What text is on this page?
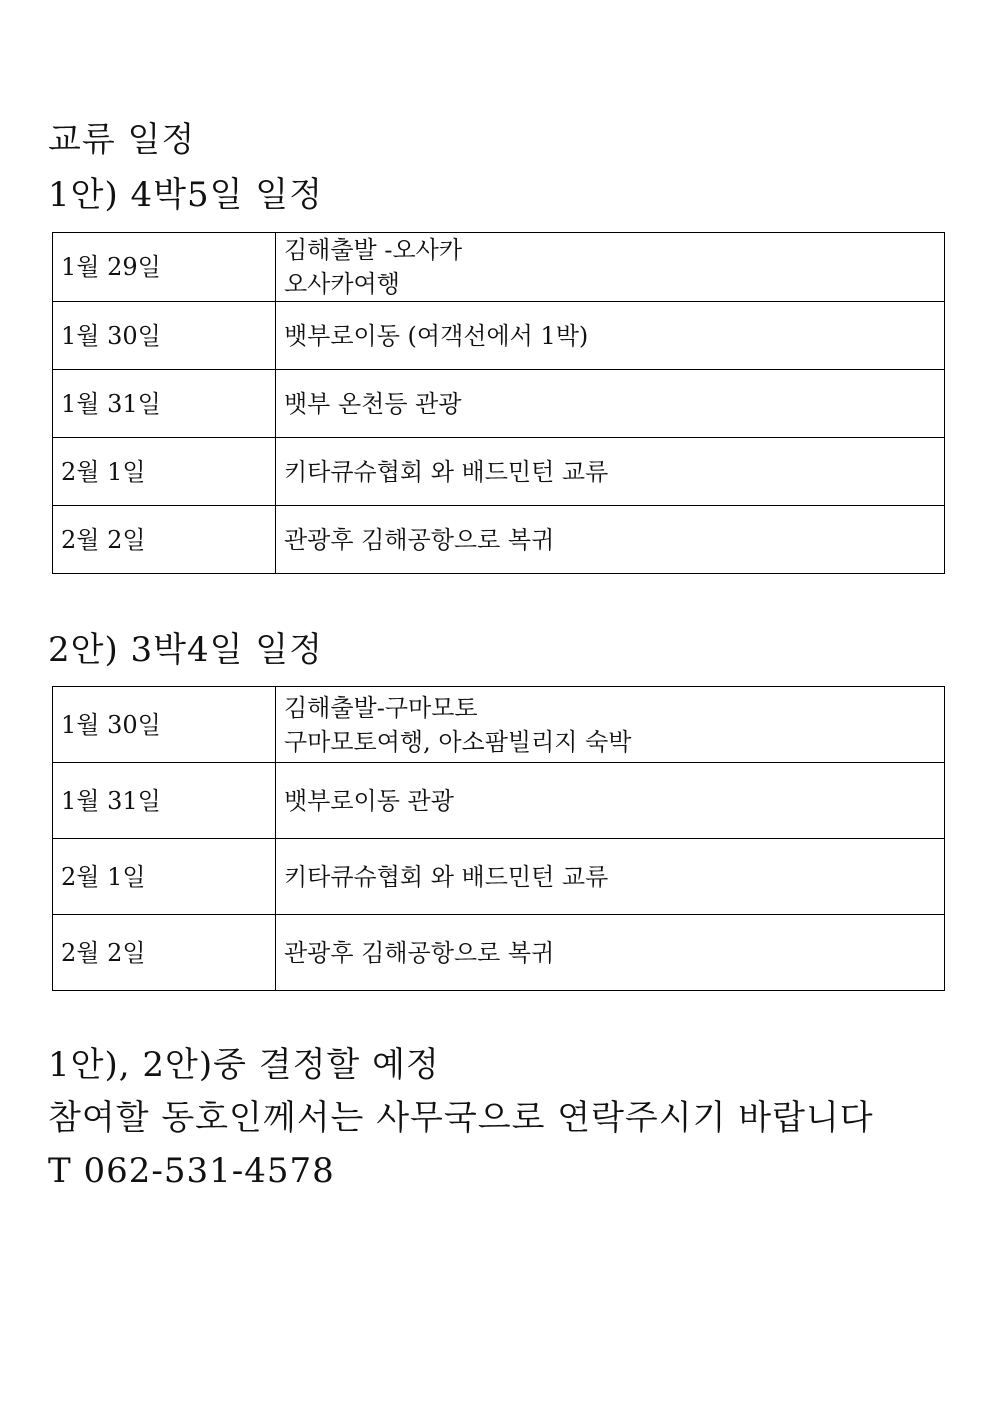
교류 일정
1안) 4박5일 일정
1월 29일	김해출발 -오사카
오사카여행

1월 30일	뱃부로이동 (여객선에서 1박)

1월 31일	뱃부 온천등 관광

2월 1일	키타큐슈협회 와 배드민턴 교류

2월 2일	관광후 김해공항으로 복귀
2안) 3박4일 일정
1월 30일	김해출발-구마모토
구마모토여행, 아소팜빌리지 숙박

1월 31일	뱃부로이동 관광

2월 1일	키타큐슈협회 와 배드민턴 교류

2월 2일	관광후 김해공항으로 복귀

1안), 2안)중 결정할 예정

참여할 동호인께서는 사무국으로 연락주시기 바랍니다

T 062-531-4578
